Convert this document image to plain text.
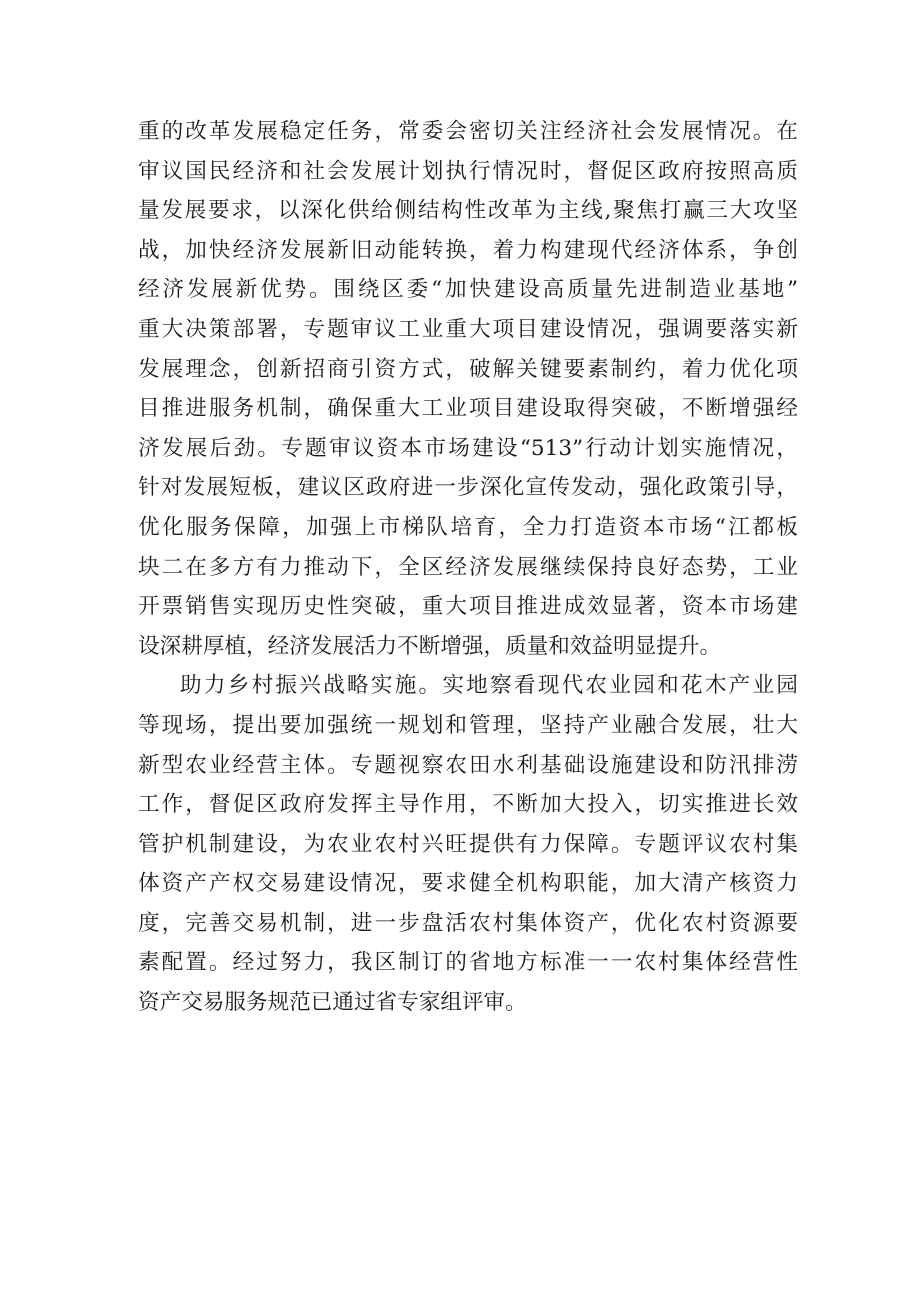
重的改革发展稳定任务，常委会密切关注经济社会发展情况。在
审议国民经济和社会发展计划执行情况时，督促区政府按照高质
量发展要求，以深化供给侧结构性改革为主线,聚焦打赢三大攻坚
战，加快经济发展新旧动能转换，着力构建现代经济体系，争创
经济发展新优势。围绕区委“加快建设高质量先进制造业基地”
重大决策部署，专题审议工业重大项目建设情况，强调要落实新
发展理念，创新招商引资方式，破解关键要素制约，着力优化项
目推进服务机制，确保重大工业项目建设取得突破，不断增强经
济发展后劲。专题审议资本市场建设“513”行动计划实施情况，
针对发展短板，建议区政府进一步深化宣传发动，强化政策引导，
优化服务保障，加强上市梯队培育，全力打造资本市场“江都板
块二在多方有力推动下，全区经济发展继续保持良好态势，工业
开票销售实现历史性突破，重大项目推进成效显著，资本市场建
设深耕厚植，经济发展活力不断增强，质量和效益明显提升。
助力乡村振兴战略实施。实地察看现代农业园和花木产业园
等现场，提出要加强统一规划和管理，坚持产业融合发展，壮大
新型农业经营主体。专题视察农田水利基础设施建设和防汛排涝
工作，督促区政府发挥主导作用，不断加大投入，切实推进长效
管护机制建设，为农业农村兴旺提供有力保障。专题评议农村集
体资产产权交易建设情况，要求健全机构职能，加大清产核资力
度，完善交易机制，进一步盘活农村集体资产，优化农村资源要
素配置。经过努力，我区制订的省地方标准一一农村集体经营性
资产交易服务规范已通过省专家组评审。
